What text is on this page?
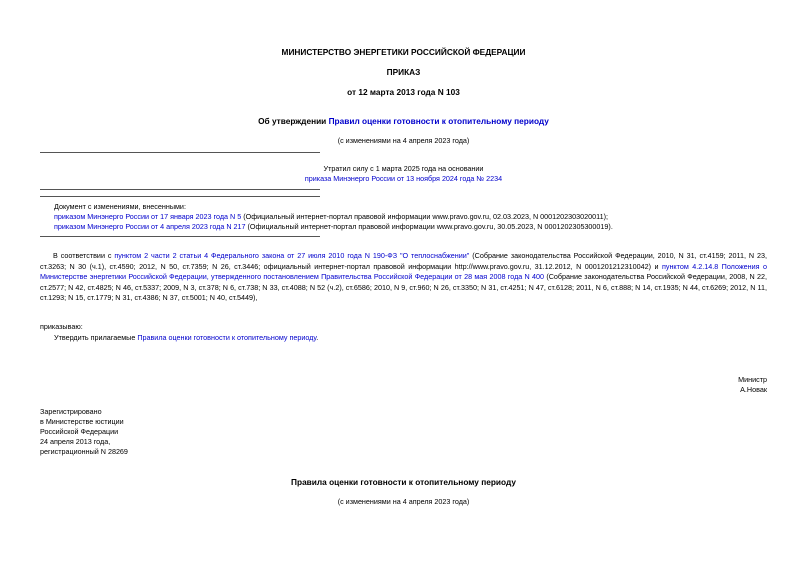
МИНИСТЕРСТВО ЭНЕРГЕТИКИ РОССИЙСКОЙ ФЕДЕРАЦИИ
ПРИКАЗ
от 12 марта 2013 года N 103
Об утверждении Правил оценки готовности к отопительному периоду
(с изменениями на 4 апреля 2023 года)
Утратил силу с 1 марта 2025 года на основании
приказа Минэнерго России от 13 ноября 2024 года № 2234
Документ с изменениями, внесенными:
приказом Минэнерго России от 17 января 2023 года N 5 (Официальный интернет-портал правовой информации www.pravo.gov.ru, 02.03.2023, N 0001202303020011);
приказом Минэнерго России от 4 апреля 2023 года N 217 (Официальный интернет-портал правовой информации www.pravo.gov.ru, 30.05.2023, N 0001202305300019).
В соответствии с пунктом 2 части 2 статьи 4 Федерального закона от 27 июля 2010 года N 190-ФЗ "О теплоснабжении" (Собрание законодательства Российской Федерации, 2010, N 31, ст.4159; 2011, N 23, ст.3263; N 30 (ч.1), ст.4590; 2012, N 50, ст.7359; N 26, ст.3446; официальный интернет-портал правовой информации http://www.pravo.gov.ru, 31.12.2012, N 0001201212310042) и пунктом 4.2.14.8 Положения о Министерстве энергетики Российской Федерации, утвержденного постановлением Правительства Российской Федерации от 28 мая 2008 года N 400 (Собрание законодательства Российской Федерации, 2008, N 22, ст.2577; N 42, ст.4825; N 46, ст.5337; 2009, N 3, ст.378; N 6, ст.738; N 33, ст.4088; N 52 (ч.2), ст.6586; 2010, N 9, ст.960; N 26, ст.3350; N 31, ст.4251; N 47, ст.6128; 2011, N 6, ст.888; N 14, ст.1935; N 44, ст.6269; 2012, N 11, ст.1293; N 15, ст.1779; N 31, ст.4386; N 37, ст.5001; N 40, ст.5449),
приказываю:
Утвердить прилагаемые Правила оценки готовности к отопительному периоду.
Министр
А.Новак
Зарегистрировано
в Министерстве юстиции
Российской Федерации
24 апреля 2013 года,
регистрационный N 28269
Правила оценки готовности к отопительному периоду
(с изменениями на 4 апреля 2023 года)
